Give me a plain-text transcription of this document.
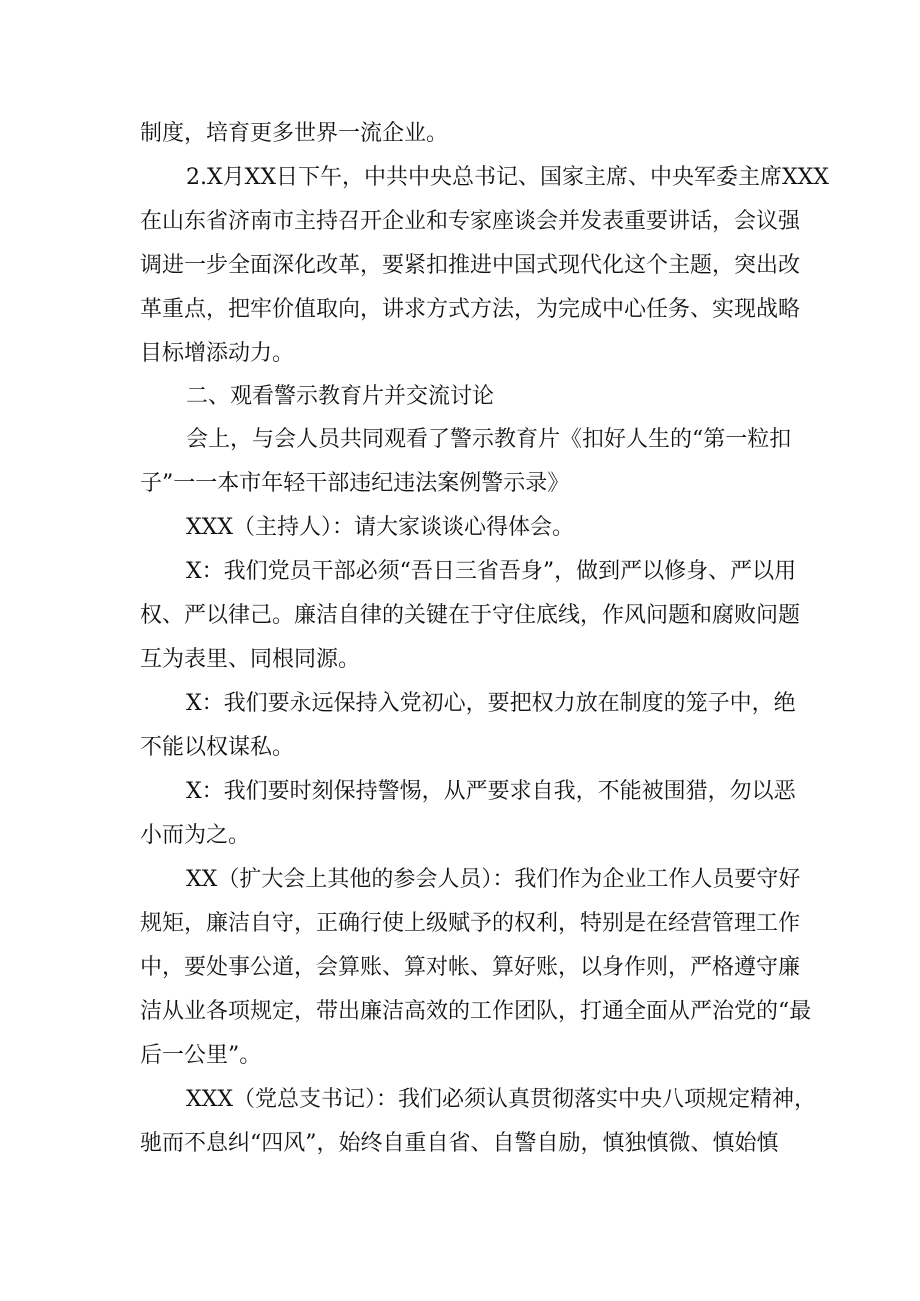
制度，培育更多世界一流企业。
2.X月XX日下午，中共中央总书记、国家主席、中央军委主席XXX
在山东省济南市主持召开企业和专家座谈会并发表重要讲话，会议强
调进一步全面深化改革，要紧扣推进中国式现代化这个主题，突出改
革重点，把牢价值取向，讲求方式方法，为完成中心任务、实现战略
目标增添动力。
二、观看警示教育片并交流讨论
会上，与会人员共同观看了警示教育片《扣好人生的“第一粒扣
子”一一本市年轻干部违纪违法案例警示录》
XXX（主持人）：请大家谈谈心得体会。
X：我们党员干部必须“吾日三省吾身”，做到严以修身、严以用
权、严以律己。廉洁自律的关键在于守住底线，作风问题和腐败问题
互为表里、同根同源。
X：我们要永远保持入党初心，要把权力放在制度的笼子中，绝
不能以权谋私。
X：我们要时刻保持警惕，从严要求自我，不能被围猎，勿以恶
小而为之。
XX（扩大会上其他的参会人员）：我们作为企业工作人员要守好
规矩，廉洁自守，正确行使上级赋予的权利，特别是在经营管理工作
中，要处事公道，会算账、算对帐、算好账，以身作则，严格遵守廉
洁从业各项规定，带出廉洁高效的工作团队，打通全面从严治党的“最
后一公里”。
XXX（党总支书记）：我们必须认真贯彻落实中央八项规定精神，
驰而不息纠“四风”，始终自重自省、自警自励，慎独慎微、慎始慎
